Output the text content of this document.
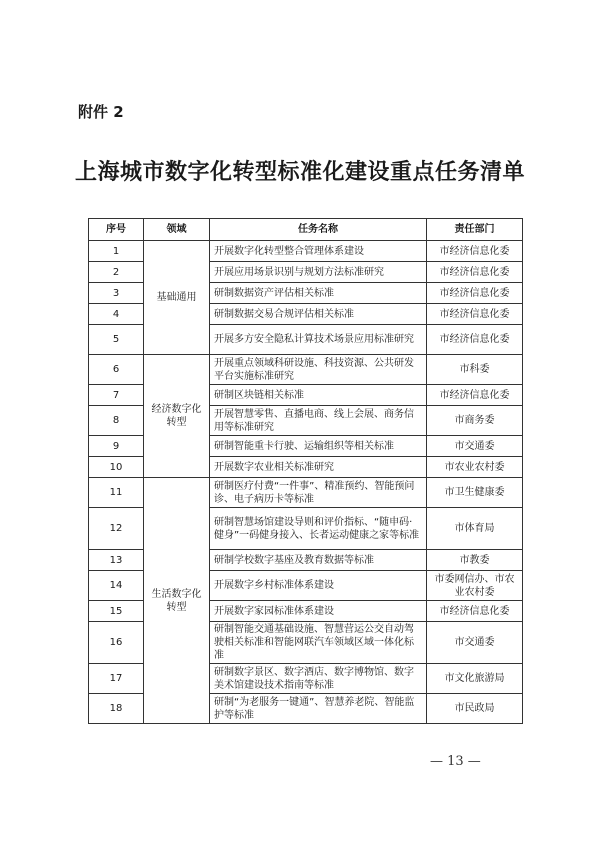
附件 2
上海城市数字化转型标准化建设重点任务清单
序号	领域	任务名称	责任部门
1	基础通用	开展数字化转型整合管理体系建设	市经济信息化委
2		开展应用场景识别与规划方法标准研究	市经济信息化委
3		研制数据资产评估相关标准	市经济信息化委
4		研制数据交易合规评估相关标准	市经济信息化委
5		开展多方安全隐私计算技术场景应用标准研究	市经济信息化委
6	经济数字化转型	开展重点领域科研设施、科技资源、公共研发平台实施标准研究	市科委
7		研制区块链相关标准	市经济信息化委
8		开展智慧零售、直播电商、线上会展、商务信用等标准研究	市商务委
9		研制智能重卡行驶、运输组织等相关标准	市交通委
10		开展数字农业相关标准研究	市农业农村委
11	生活数字化转型	研制医疗付费“一件事”、精准预约、智能预问诊、电子病历卡等标准	市卫生健康委
12		研制智慧场馆建设导则和评价指标、“随申码·健身”一码健身接入、长者运动健康之家等标准	市体育局
13		研制学校数字基座及教育数据等标准	市教委
14		开展数字乡村标准体系建设	市委网信办、市农业农村委
15		开展数字家园标准体系建设	市经济信息化委
16		研制智能交通基础设施、智慧营运公交自动驾驶相关标准和智能网联汽车领域区域一体化标准	市交通委
17		研制数字景区、数字酒店、数字博物馆、数字美术馆建设技术指南等标准	市文化旅游局
18		研制“为老服务一键通”、智慧养老院、智能监护等标准	市民政局
— 13 —
